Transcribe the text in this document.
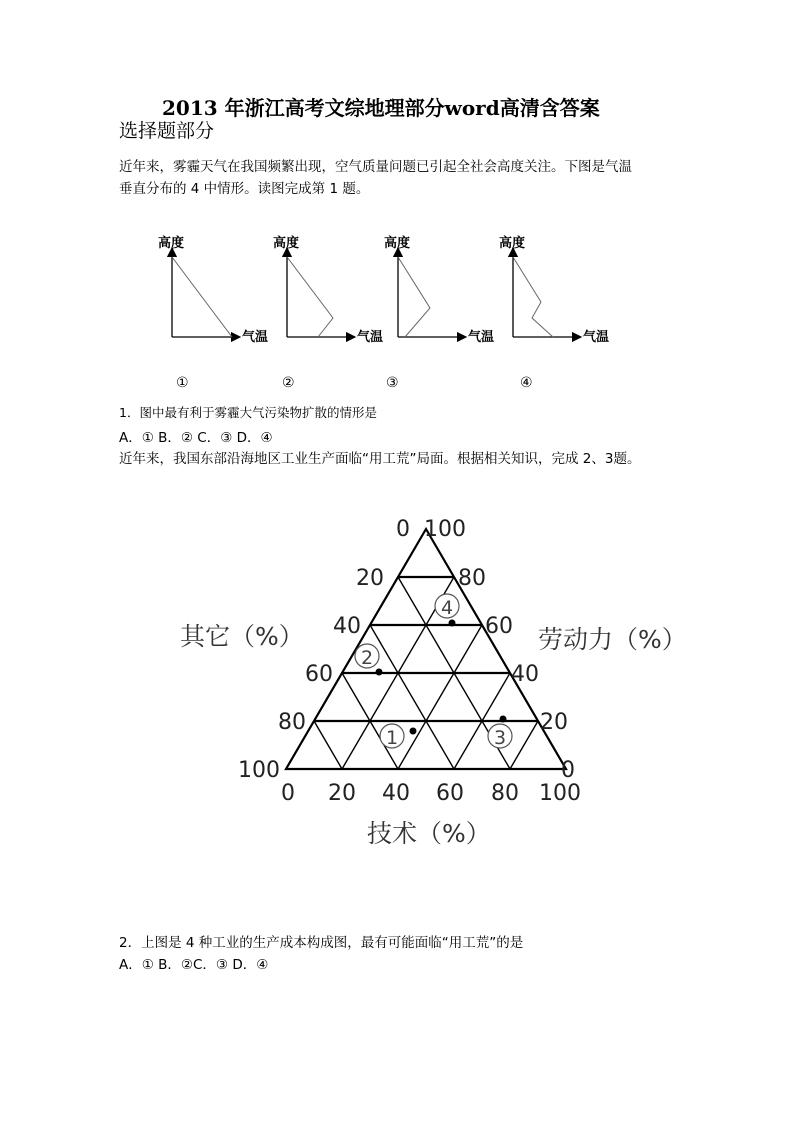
2013 年浙江高考文综地理部分word高清含答案
选择题部分
近年来，雾霾天气在我国频繁出现，空气质量问题已引起全社会高度关注。下图是气温
垂直分布的 4 中情形。读图完成第 1 题。
高度
气温
①
高度
气温
②
高度
气温
③
高度
气温
④
1．图中最有利于雾霾大气污染物扩散的情形是
A．① B．② C．③ D．④
近年来，我国东部沿海地区工业生产面临“用工荒”局面。根据相关知识，完成 2、3题。
1
2
3
4
0 100
20
40
60
80
100
80
60
40
20
0
0 20 40 60 80 100
其它（%）	劳动力（%）
技术（%）
2．上图是 4 种工业的生产成本构成图，最有可能面临“用工荒”的是
A．① B．②C．③ D．④
